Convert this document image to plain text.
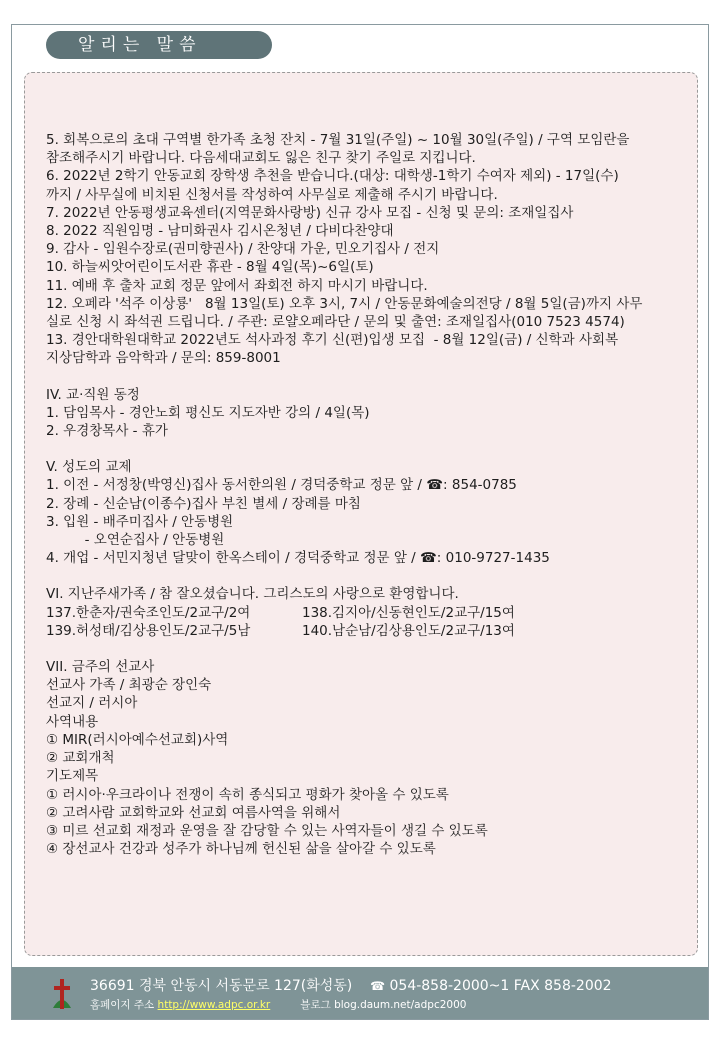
알리는 말씀

5. 회복으로의 초대 구역별 한가족 초청 잔치 - 7월 31일(주일) ~ 10월 30일(주일) / 구역 모임란을

참조해주시기 바랍니다. 다음세대교회도 잃은 친구 찾기 주일로 지킵니다.

6. 2022년 2학기 안동교회 장학생 추천을 받습니다.(대상: 대학생-1학기 수여자 제외) - 17일(수)

까지 / 사무실에 비치된 신청서를 작성하여 사무실로 제출해 주시기 바랍니다.

7. 2022년 안동평생교육센터(지역문화사랑방) 신규 강사 모집 - 신청 및 문의: 조재일집사

8. 2022 직원임명 - 남미화권사 김시온청년 / 다비다찬양대

9. 감사 - 임원수장로(권미향권사) / 찬양대 가운, 민오기집사 / 전지

10. 하늘씨앗어린이도서관 휴관 - 8월 4일(목)~6일(토)

11. 예배 후 출차 교회 정문 앞에서 좌회전 하지 마시기 바랍니다.

12. 오페라 '석주 이상룡'   8월 13일(토) 오후 3시, 7시 / 안동문화예술의전당 / 8월 5일(금)까지 사무

실로 신청 시 좌석권 드립니다. / 주관: 로얄오페라단 / 문의 및 출연: 조재일집사(010 7523 4574)

13. 경안대학원대학교 2022년도 석사과정 후기 신(편)입생 모집  - 8월 12일(금) / 신학과 사회복

지상담학과 음악학과 / 문의: 859-8001

IV. 교·직원 동정

1. 담임목사 - 경안노회 평신도 지도자반 강의 / 4일(목)

2. 우경창목사 - 휴가

V. 성도의 교제

1. 이전 - 서정창(박영신)집사 동서한의원 / 경덕중학교 정문 앞 / ☎: 854-0785

2. 장례 - 신순남(이종수)집사 부친 별세 / 장례를 마침

3. 입원 - 배주미집사 / 안동병원

- 오연순집사 / 안동병원

4. 개업 - 서민지청년 달맞이 한옥스테이 / 경덕중학교 정문 앞 / ☎: 010-9727-1435

VI. 지난주새가족 / 참 잘오셨습니다. 그리스도의 사랑으로 환영합니다.

137.한춘자/권숙조인도/2교구/2여	138.김지아/신동현인도/2교구/15여

139.허성태/김상용인도/2교구/5남	140.남순남/김상용인도/2교구/13여

VII. 금주의 선교사

선교사 가족 / 최광순 장인숙

선교지 / 러시아

사역내용

① MIR(러시아예수선교회)사역

② 교회개척

기도제목

① 러시아·우크라이나 전쟁이 속히 종식되고 평화가 찾아올 수 있도록

② 고려사람 교회학교와 선교회 여름사역을 위해서

③ 미르 선교회 재정과 운영을 잘 감당할 수 있는 사역자들이 생길 수 있도록

④ 장선교사 건강과 성주가 하나님께 헌신된 삶을 살아갈 수 있도록

36691 경북 안동시 서동문로 127(화성동) ☎ 054-858-2000~1 FAX 858-2002
홈페이지 주소 http://www.adpc.or.kr	블로그 blog.daum.net/adpc2000
